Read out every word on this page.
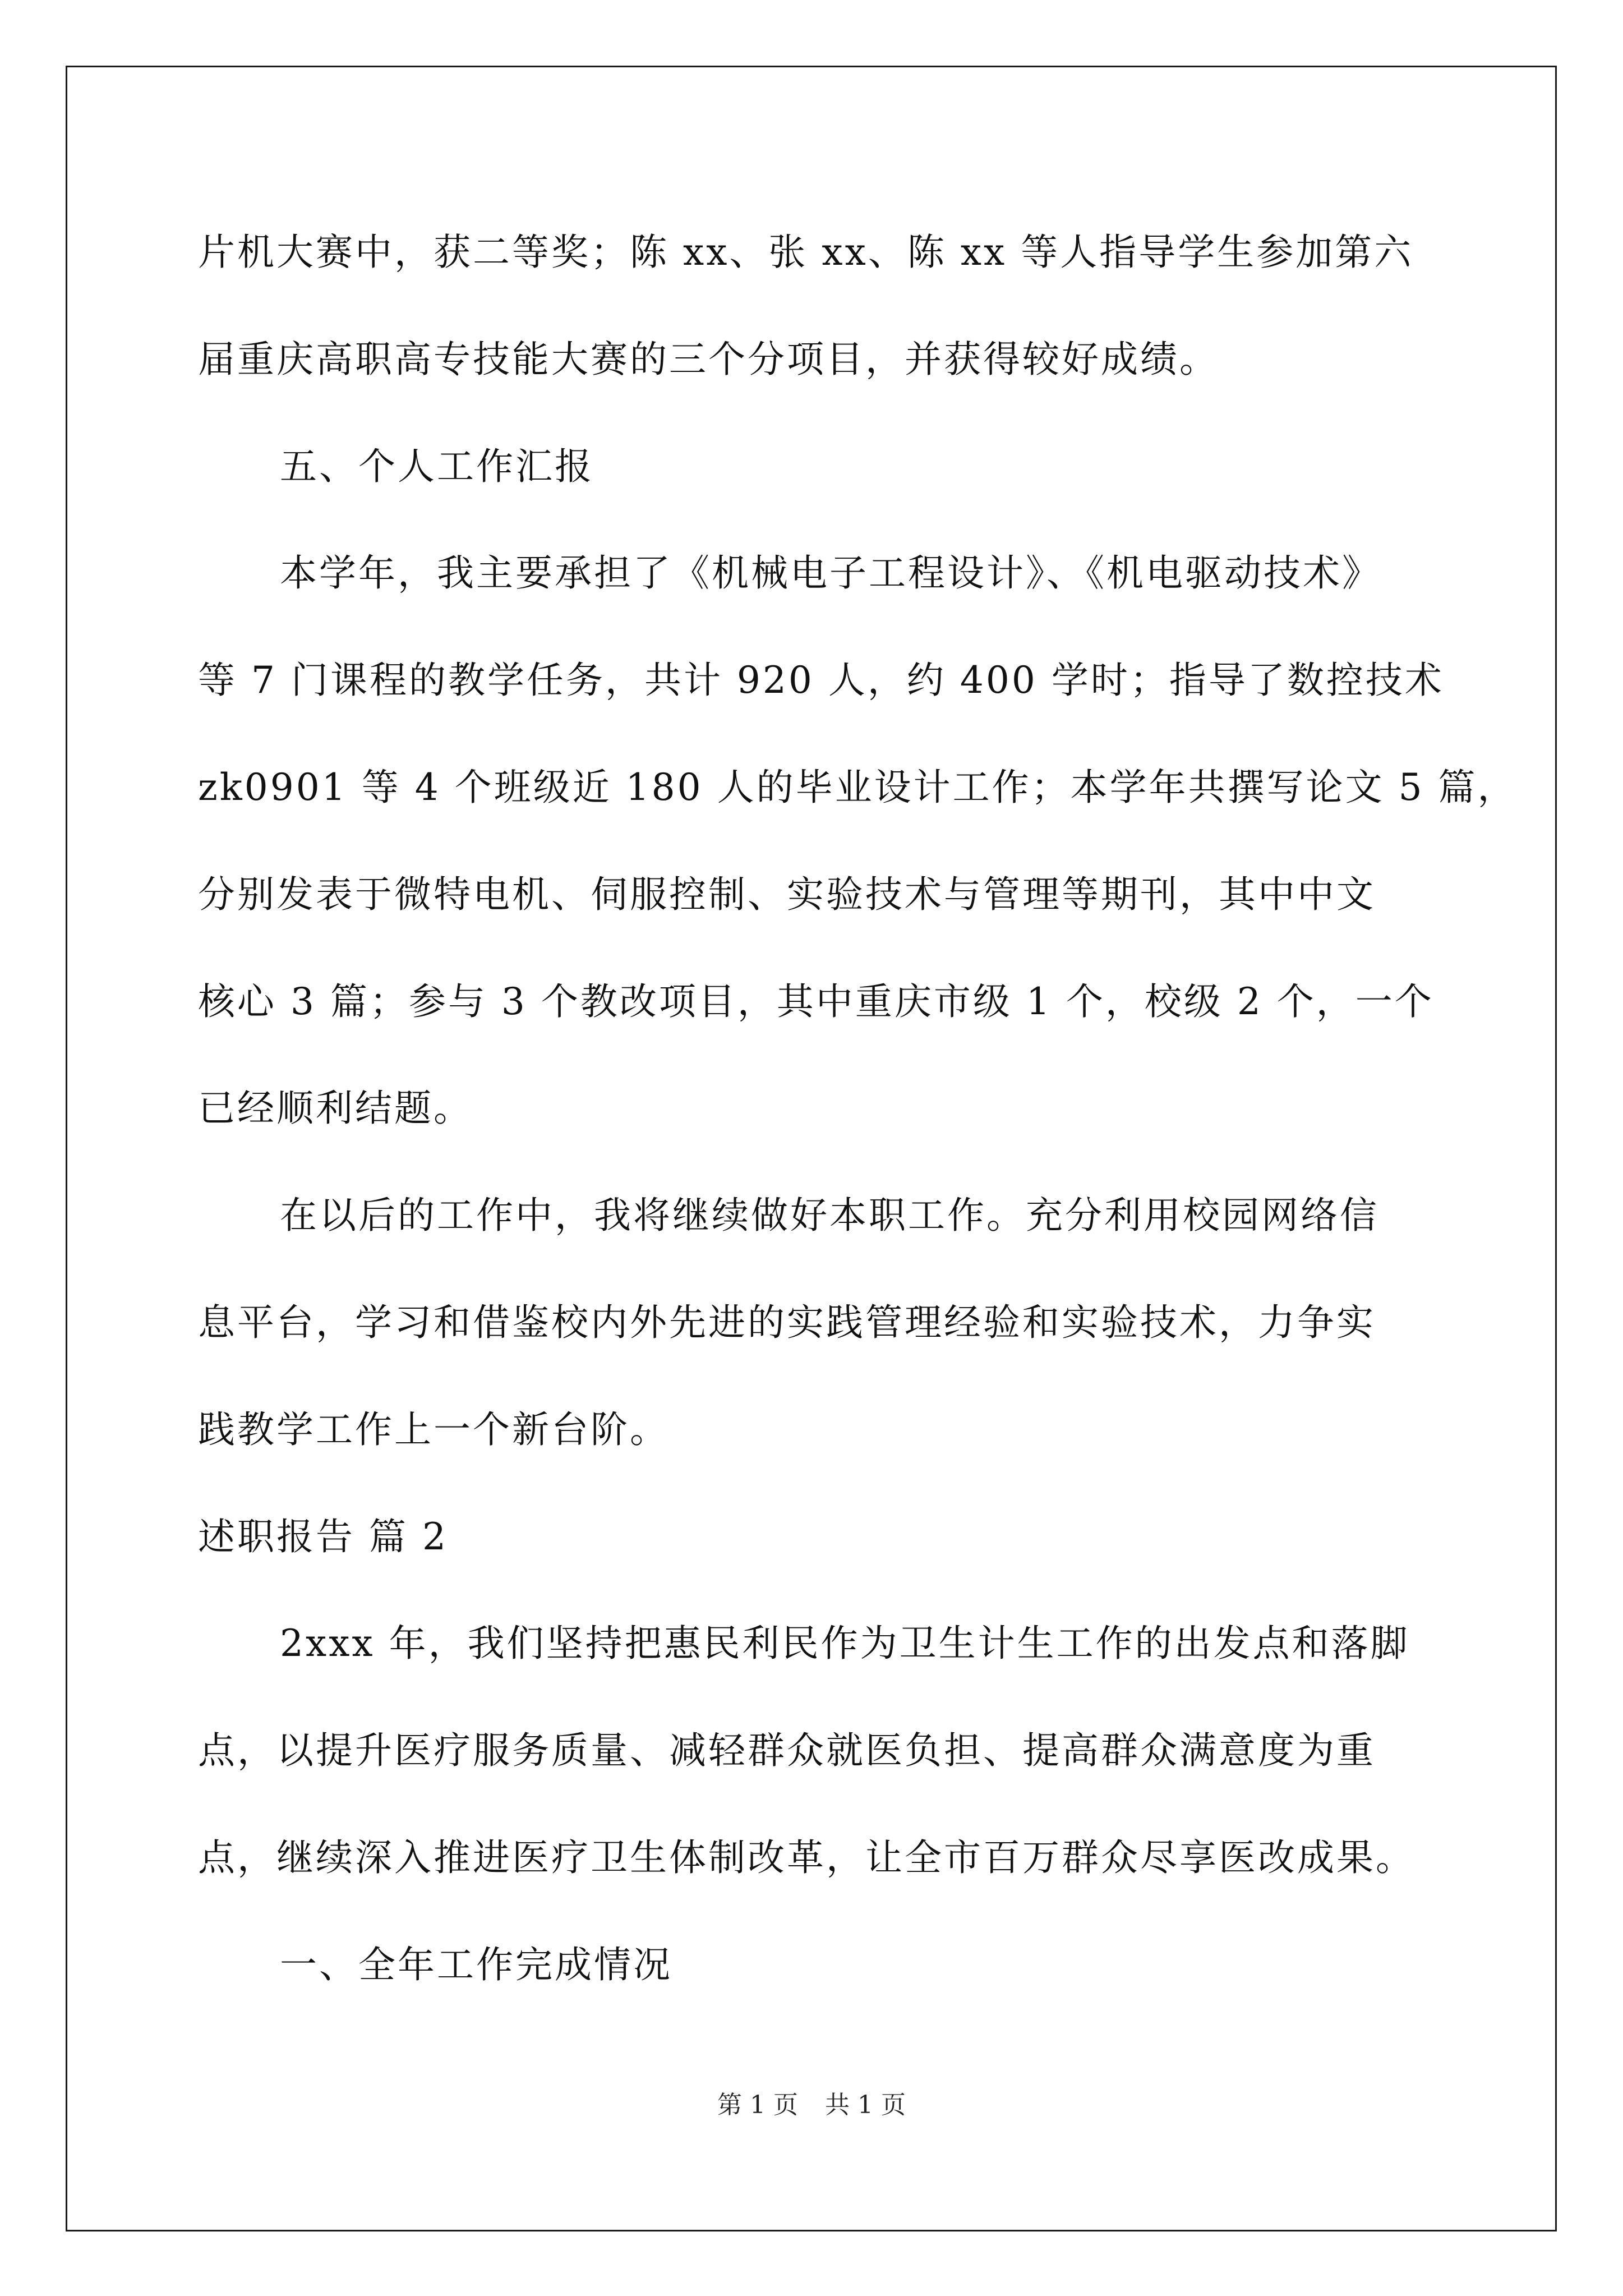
片机大赛中，获二等奖；陈 xx、张 xx、陈 xx 等人指导学生参加第六
届重庆高职高专技能大赛的三个分项目，并获得较好成绩。
五、个人工作汇报
本学年，我主要承担了《机械电子工程设计》、《机电驱动技术》
等 7 门课程的教学任务，共计 920 人，约 400 学时；指导了数控技术
zk0901 等 4 个班级近 180 人的毕业设计工作；本学年共撰写论文 5 篇，
分别发表于微特电机、伺服控制、实验技术与管理等期刊，其中中文
核心 3 篇；参与 3 个教改项目，其中重庆市级 1 个，校级 2 个，一个
已经顺利结题。
在以后的工作中，我将继续做好本职工作。充分利用校园网络信
息平台，学习和借鉴校内外先进的实践管理经验和实验技术，力争实
践教学工作上一个新台阶。
述职报告 篇 2
2xxx 年，我们坚持把惠民利民作为卫生计生工作的出发点和落脚
点，以提升医疗服务质量、减轻群众就医负担、提高群众满意度为重
点，继续深入推进医疗卫生体制改革，让全市百万群众尽享医改成果。
一、全年工作完成情况
第 1 页 共 1 页
